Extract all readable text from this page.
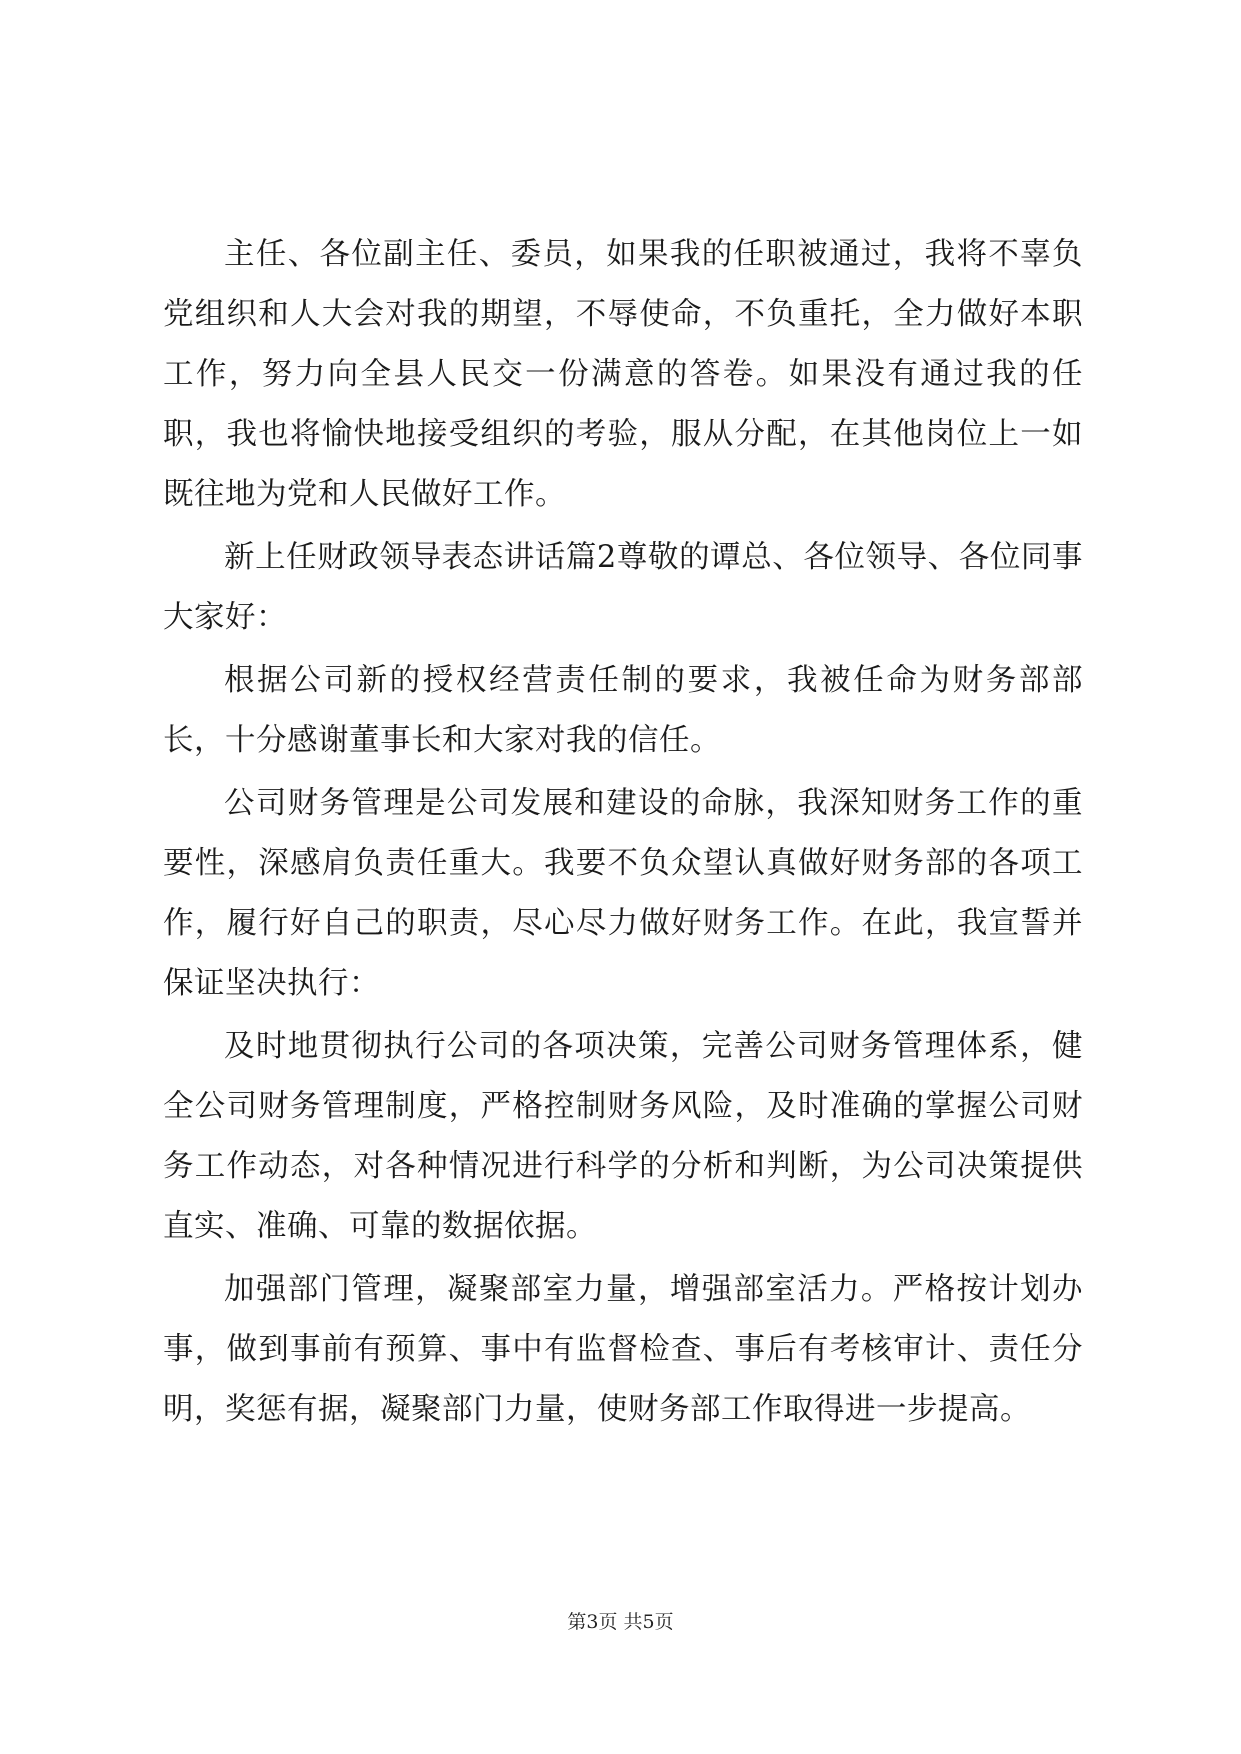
主任、各位副主任、委员，如果我的任职被通过，我将不辜负党组织和人大会对我的期望，不辱使命，不负重托，全力做好本职工作，努力向全县人民交一份满意的答卷。如果没有通过我的任职，我也将愉快地接受组织的考验，服从分配，在其他岗位上一如既往地为党和人民做好工作。

新上任财政领导表态讲话篇2尊敬的谭总、各位领导、各位同事大家好：

根据公司新的授权经营责任制的要求，我被任命为财务部部长，十分感谢董事长和大家对我的信任。

公司财务管理是公司发展和建设的命脉，我深知财务工作的重要性，深感肩负责任重大。我要不负众望认真做好财务部的各项工作，履行好自己的职责，尽心尽力做好财务工作。在此，我宣誓并保证坚决执行：

及时地贯彻执行公司的各项决策，完善公司财务管理体系，健全公司财务管理制度，严格控制财务风险，及时准确的掌握公司财务工作动态，对各种情况进行科学的分析和判断，为公司决策提供直实、准确、可靠的数据依据。

加强部门管理，凝聚部室力量，增强部室活力。严格按计划办事，做到事前有预算、事中有监督检查、事后有考核审计、责任分明，奖惩有据，凝聚部门力量，使财务部工作取得进一步提高。

第3页 共5页
